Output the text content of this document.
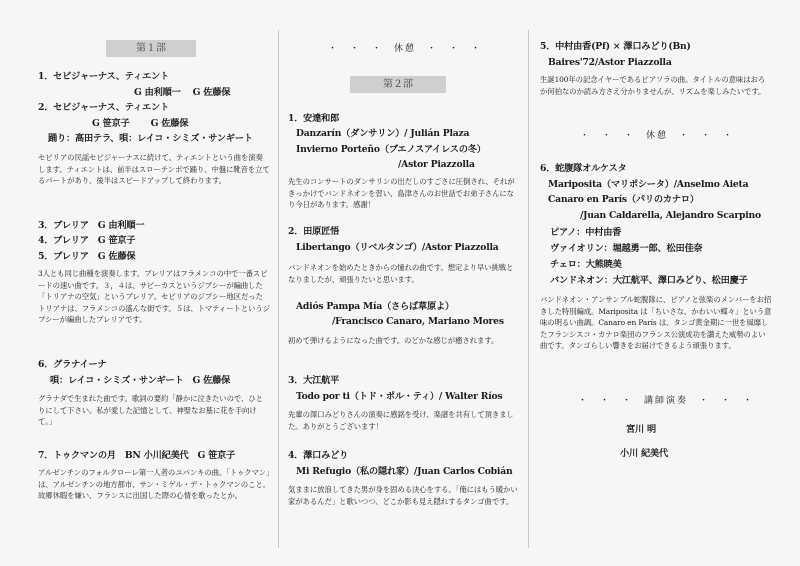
第１部
1．セビジャーナス、ティエント
G 由利順一　 G 佐藤保
2．セビジャーナス、ティエント
G 笹京子　　 G 佐藤保
踊り：高田テラ、唄：レイコ・シミズ・サンギート
セビリアの民謡セビジャーナスに続けて、ティエントという曲を演奏します。ティエントは、前半はスローテンポで踊り、中盤に靴音を立てるパートがあり、後半はスピードアップして終わります。
3．ブレリア　G 由利順一
4．ブレリア　G 笹京子
5．ブレリア　G 佐藤保
3人とも同じ曲種を演奏します。ブレリアはフラメンコの中で一番スピードの速い曲です。３，４は、サビーカスというジプシーが編曲した「トリアナの空気」というブレリア。セビリアのジプシー地区だったトリアナは、フラメンコの盛んな街です。５は、トマティートというジプシーが編曲したブレリアです。
6．グラナイーナ
唄：レイコ・シミズ・サンギート　G 佐藤保
グラナダで生まれた曲です。歌詞の要約「静かに泣きたいので、ひとりにして下さい。私が愛した記憶として、神聖なお墓に花を手向けて。」
7．トゥクマンの月　BN 小川紀美代　G 笹京子
アルゼンチンのフォルクローレ第一人者のユパンキの曲。「トゥクマン」は、アルゼンチンの地方都市、サン・ミゲル・デ・トゥクマンのこと。故郷休暇を嫌い、フランスに出国した際の心情を歌ったとか。
・　・　・　休憩　・　・　・
第２部
1．安達和郎
Danzarín（ダンサリン）/ Julián Plaza
Invierno Porteño（ブエノスアイレスの冬）
/Astor Piazzolla
先生のコンサートのダンサリンの出だしのすごさに圧倒され、それがきっかけでバンドネオンを習い、島津さんのお世話でお弟子さんになり今日があります。感謝！
2．田原匠悟
Libertango（リベルタンゴ）/Astor Piazzolla
バンドネオンを始めたときからの憧れの曲です。想定より早い挑戦となりましたが、頑張りたいと思います。
Adiós Pampa Mía（さらば草原よ）
/Francisco Canaro, Mariano Mores
初めて弾けるようになった曲です。のどかな感じが癒されます。
3．大江航平
Todo por ti（トド・ポル・ティ）/ Walter Ríos
先輩の澤口みどりさんの演奏に感銘を受け、楽譜を共有して頂きました。ありがとうございます！
4．澤口みどり
Mi Refugio（私の隠れ家）/Juan Carlos Cobián
気ままに放浪してきた男が身を固める決心をする。「俺にはもう暖かい家があるんだ」と歌いつつ、どこか影も見え隠れするタンゴ曲です。
5．中村由香(Pf) × 澤口みどり(Bn)
Baires'72/Astor Piazzolla
生誕100年の記念イヤーであるピアソラの曲。タイトルの意味はおろか何拍なのか読み方さえ分かりませんが、リズムを楽しみたいです。
・　・　・　休憩　・　・　・
6．蛇腹隊オルケスタ
Mariposita（マリポシータ）/Anselmo Aieta
Canaro en París（パリのカナロ）
/Juan Caldarella, Alejandro Scarpino
ピアノ：中村由香
ヴァイオリン：堀越勇一郎、松田佳奈
チェロ：大熊暁美
バンドネオン：大江航平、澤口みどり、松田慶子
バンドネオン・アンサンブル蛇腹隊に、ピアノと弦楽のメンバーをお招きした特別編成。Mariposita は「ちいさな、かわいい蝶々」という意味の明るい曲調。Canaro en París は、タンゴ黄金期に一世を風靡したフランシスコ・カナロ楽団のフランス公演成功を讃えた威勢のよい曲です。タンゴらしい響きをお届けできるよう頑張ります。
・　・　・　講師演奏　・　・　・
宮川 明
小川 紀美代
